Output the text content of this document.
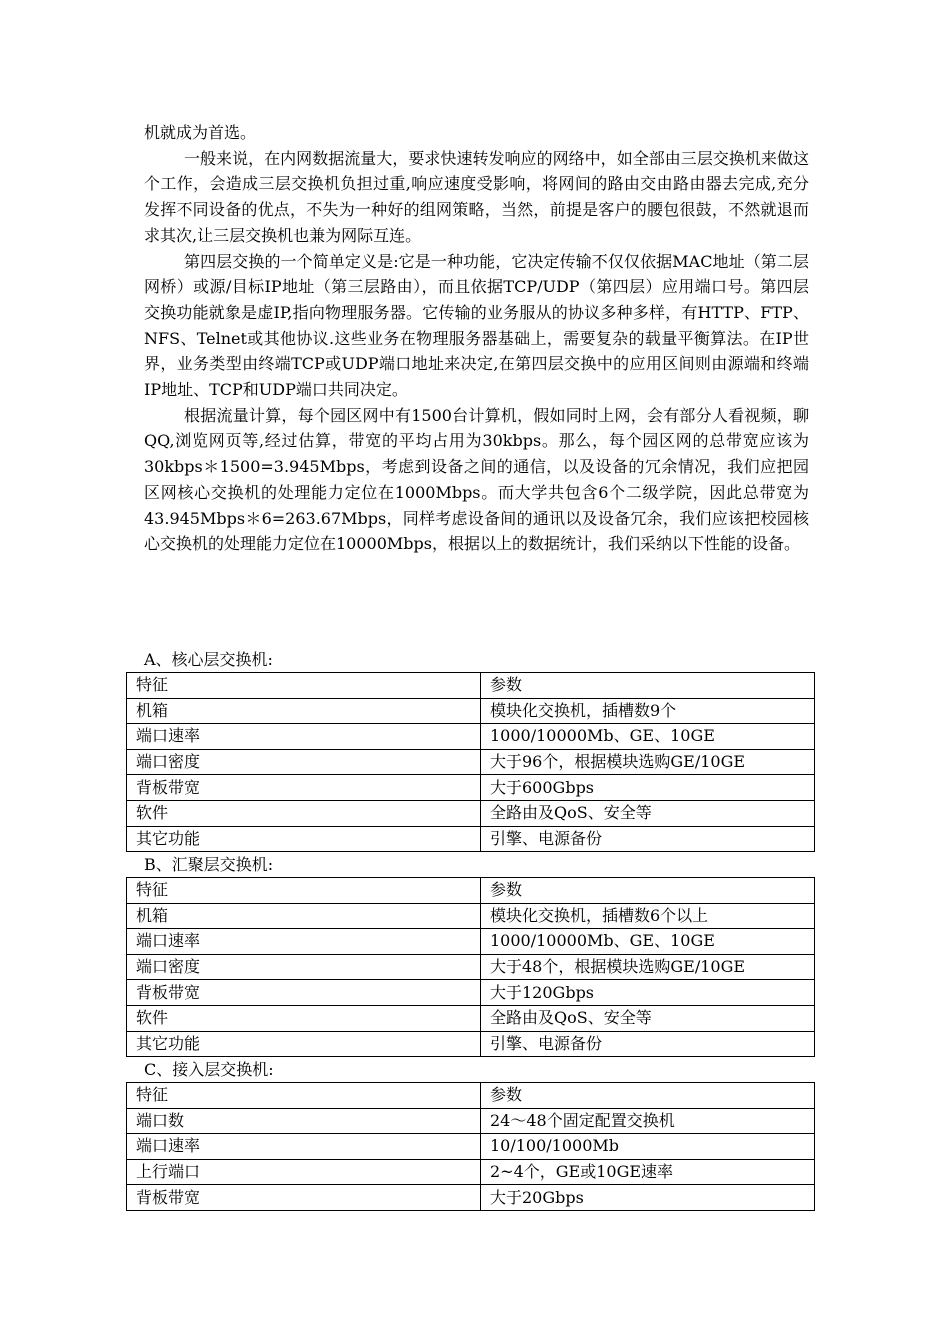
机就成为首选。

一般来说，在内网数据流量大，要求快速转发响应的网络中，如全部由三层交换机来做这个工作，会造成三层交换机负担过重,响应速度受影响，将网间的路由交由路由器去完成,充分发挥不同设备的优点，不失为一种好的组网策略，当然，前提是客户的腰包很鼓，不然就退而求其次,让三层交换机也兼为网际互连。

第四层交换的一个简单定义是:它是一种功能，它决定传输不仅仅依据MAC地址（第二层网桥）或源/目标IP地址（第三层路由），而且依据TCP/UDP（第四层）应用端口号。第四层交换功能就象是虚IP,指向物理服务器。它传输的业务服从的协议多种多样，有HTTP、FTP、NFS、Telnet或其他协议.这些业务在物理服务器基础上，需要复杂的载量平衡算法。在IP世界，业务类型由终端TCP或UDP端口地址来决定,在第四层交换中的应用区间则由源端和终端IP地址、TCP和UDP端口共同决定。

根据流量计算，每个园区网中有1500台计算机，假如同时上网，会有部分人看视频，聊QQ,浏览网页等,经过估算，带宽的平均占用为30kbps。那么，每个园区网的总带宽应该为30kbps＊1500=3.945Mbps，考虑到设备之间的通信，以及设备的冗余情况，我们应把园区网核心交换机的处理能力定位在1000Mbps。而大学共包含6个二级学院，因此总带宽为43.945Mbps＊6=263.67Mbps，同样考虑设备间的通讯以及设备冗余，我们应该把校园核心交换机的处理能力定位在10000Mbps，根据以上的数据统计，我们采纳以下性能的设备。

A、核心层交换机:
特征	参数
机箱	模块化交换机，插槽数9个
端口速率	1000/10000Mb、GE、10GE
端口密度	大于96个，根据模块选购GE/10GE
背板带宽	大于600Gbps
软件	全路由及QoS、安全等
其它功能	引擎、电源备份
B、汇聚层交换机:
特征	参数
机箱	模块化交换机，插槽数6个以上
端口速率	1000/10000Mb、GE、10GE
端口密度	大于48个，根据模块选购GE/10GE
背板带宽	大于120Gbps
软件	全路由及QoS、安全等
其它功能	引擎、电源备份
C、接入层交换机:
特征	参数
端口数	24～48个固定配置交换机
端口速率	10/100/1000Mb
上行端口	2~4个，GE或10GE速率
背板带宽	大于20Gbps
